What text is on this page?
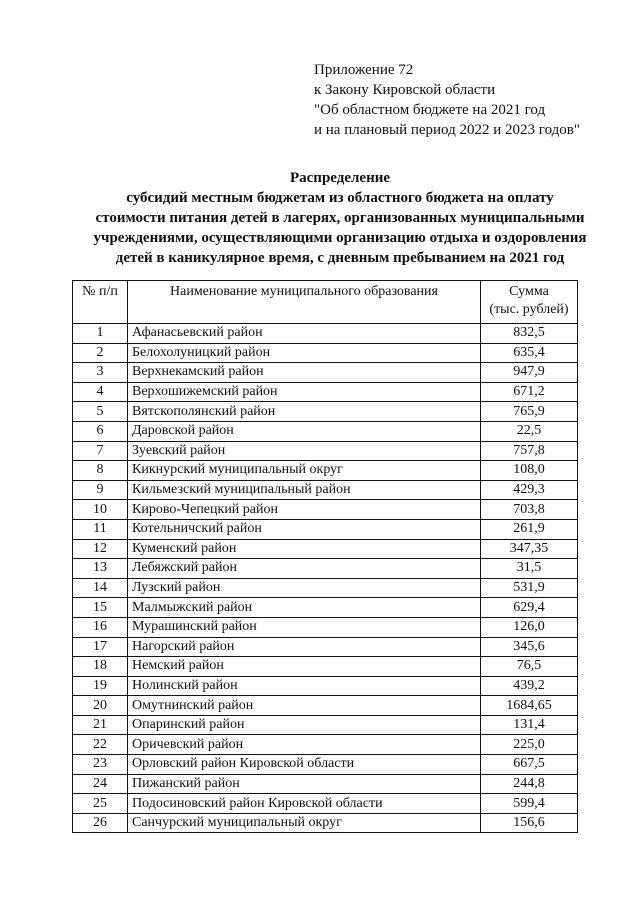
Приложение 72
к Закону Кировской области
"Об областном бюджете на 2021 год
и на плановый период 2022 и 2023 годов"
Распределение
субсидий местным бюджетам из областного бюджета на оплату
стоимости питания детей в лагерях, организованных муниципальными
учреждениями, осуществляющими организацию отдыха и оздоровления
детей в каникулярное время, с дневным пребыванием на 2021 год
№ п/п	Наименование муниципального образования	Сумма
(тыс. рублей)

1	Афанасьевский район	832,5
2	Белохолуницкий район	635,4
3	Верхнекамский район	947,9
4	Верхошижемский район	671,2
5	Вятскополянский район	765,9
6	Даровской район	22,5
7	Зуевский район	757,8
8	Кикнурский муниципальный округ	108,0
9	Кильмезский муниципальный район	429,3
10	Кирово-Чепецкий район	703,8
11	Котельничский район	261,9
12	Куменский район	347,35
13	Лебяжский район	31,5
14	Лузский район	531,9
15	Малмыжский район	629,4
16	Мурашинский район	126,0
17	Нагорский район	345,6
18	Немский район	76,5
19	Нолинский район	439,2
20	Омутнинский район	1684,65
21	Опаринский район	131,4
22	Оричевский район	225,0
23	Орловский район Кировской области	667,5
24	Пижанский район	244,8
25	Подосиновский район Кировской области	599,4
26	Санчурский муниципальный округ	156,6
